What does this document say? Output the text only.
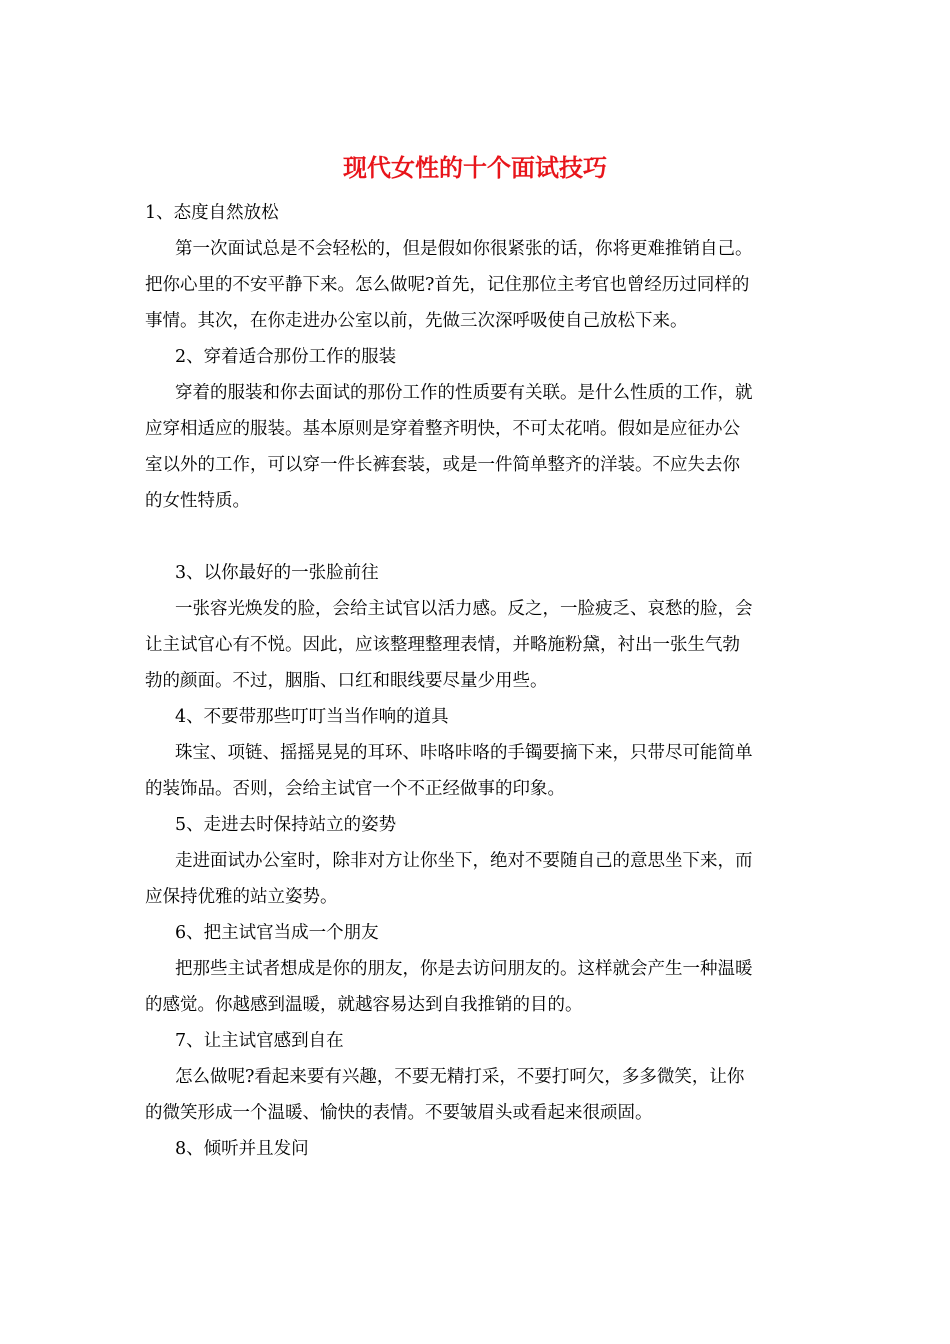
现代女性的十个面试技巧
1、态度自然放松
第一次面试总是不会轻松的，但是假如你很紧张的话，你将更难推销自己。
把你心里的不安平静下来。怎么做呢?首先，记住那位主考官也曾经历过同样的
事情。其次，在你走进办公室以前，先做三次深呼吸使自己放松下来。
2、穿着适合那份工作的服装
穿着的服装和你去面试的那份工作的性质要有关联。是什么性质的工作，就
应穿相适应的服装。基本原则是穿着整齐明快，不可太花哨。假如是应征办公
室以外的工作，可以穿一件长裤套装，或是一件简单整齐的洋装。不应失去你
的女性特质。
3、以你最好的一张脸前往
一张容光焕发的脸，会给主试官以活力感。反之，一脸疲乏、哀愁的脸，会
让主试官心有不悦。因此，应该整理整理表情，并略施粉黛，衬出一张生气勃
勃的颜面。不过，胭脂、口红和眼线要尽量少用些。
4、不要带那些叮叮当当作响的道具
珠宝、项链、摇摇晃晃的耳环、咔咯咔咯的手镯要摘下来，只带尽可能简单
的装饰品。否则，会给主试官一个不正经做事的印象。
5、走进去时保持站立的姿势
走进面试办公室时，除非对方让你坐下，绝对不要随自己的意思坐下来，而
应保持优雅的站立姿势。
6、把主试官当成一个朋友
把那些主试者想成是你的朋友，你是去访问朋友的。这样就会产生一种温暖
的感觉。你越感到温暖，就越容易达到自我推销的目的。
7、让主试官感到自在
怎么做呢?看起来要有兴趣，不要无精打采，不要打呵欠，多多微笑，让你
的微笑形成一个温暖、愉快的表情。不要皱眉头或看起来很顽固。
8、倾听并且发问
